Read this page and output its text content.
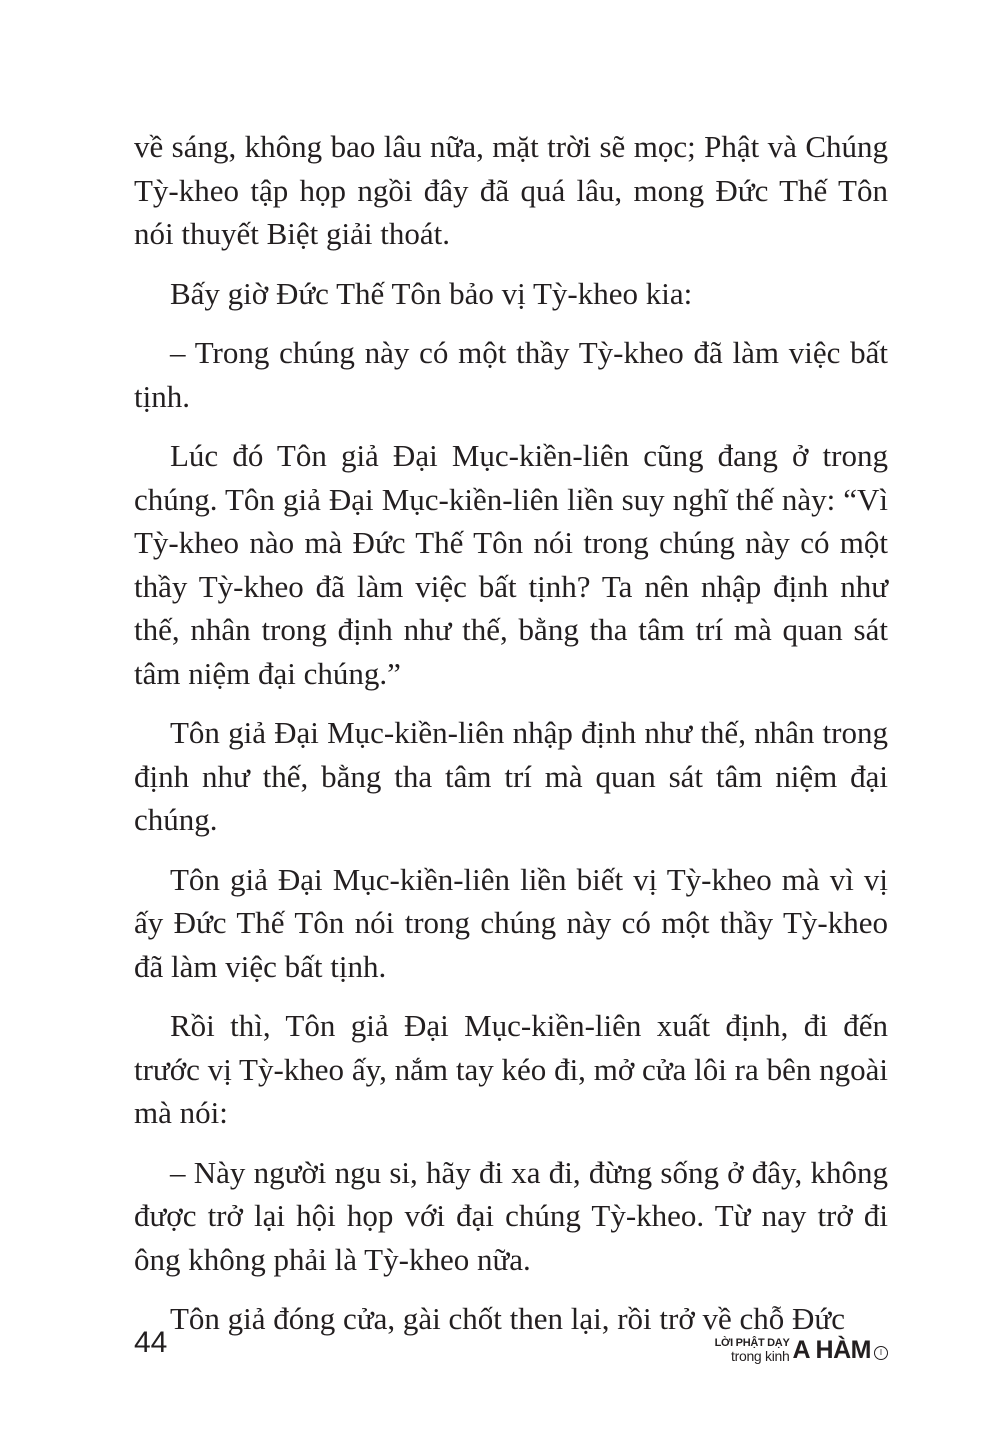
về sáng, không bao lâu nữa, mặt trời sẽ mọc; Phật và Chúng Tỳ-kheo tập họp ngồi đây đã quá lâu, mong Đức Thế Tôn nói thuyết Biệt giải thoát.

Bấy giờ Đức Thế Tôn bảo vị Tỳ-kheo kia:

– Trong chúng này có một thầy Tỳ-kheo đã làm việc bất tịnh.

Lúc đó Tôn giả Đại Mục-kiền-liên cũng đang ở trong chúng. Tôn giả Đại Mục-kiền-liên liền suy nghĩ thế này: “Vì Tỳ-kheo nào mà Đức Thế Tôn nói trong chúng này có một thầy Tỳ-kheo đã làm việc bất tịnh? Ta nên nhập định như thế, nhân trong định như thế, bằng tha tâm trí mà quan sát tâm niệm đại chúng.”

Tôn giả Đại Mục-kiền-liên nhập định như thế, nhân trong định như thế, bằng tha tâm trí mà quan sát tâm niệm đại chúng.

Tôn giả Đại Mục-kiền-liên liền biết vị Tỳ-kheo mà vì vị ấy Đức Thế Tôn nói trong chúng này có một thầy Tỳ-kheo đã làm việc bất tịnh.

Rồi thì, Tôn giả Đại Mục-kiền-liên xuất định, đi đến trước vị Tỳ-kheo ấy, nắm tay kéo đi, mở cửa lôi ra bên ngoài mà nói:

– Này người ngu si, hãy đi xa đi, đừng sống ở đây, không được trở lại hội họp với đại chúng Tỳ-kheo. Từ nay trở đi ông không phải là Tỳ-kheo nữa.

Tôn giả đóng cửa, gài chốt then lại, rồi trở về chỗ Đức

44	LỜI PHẬT DẠY
trong kinh A HÀM	I
